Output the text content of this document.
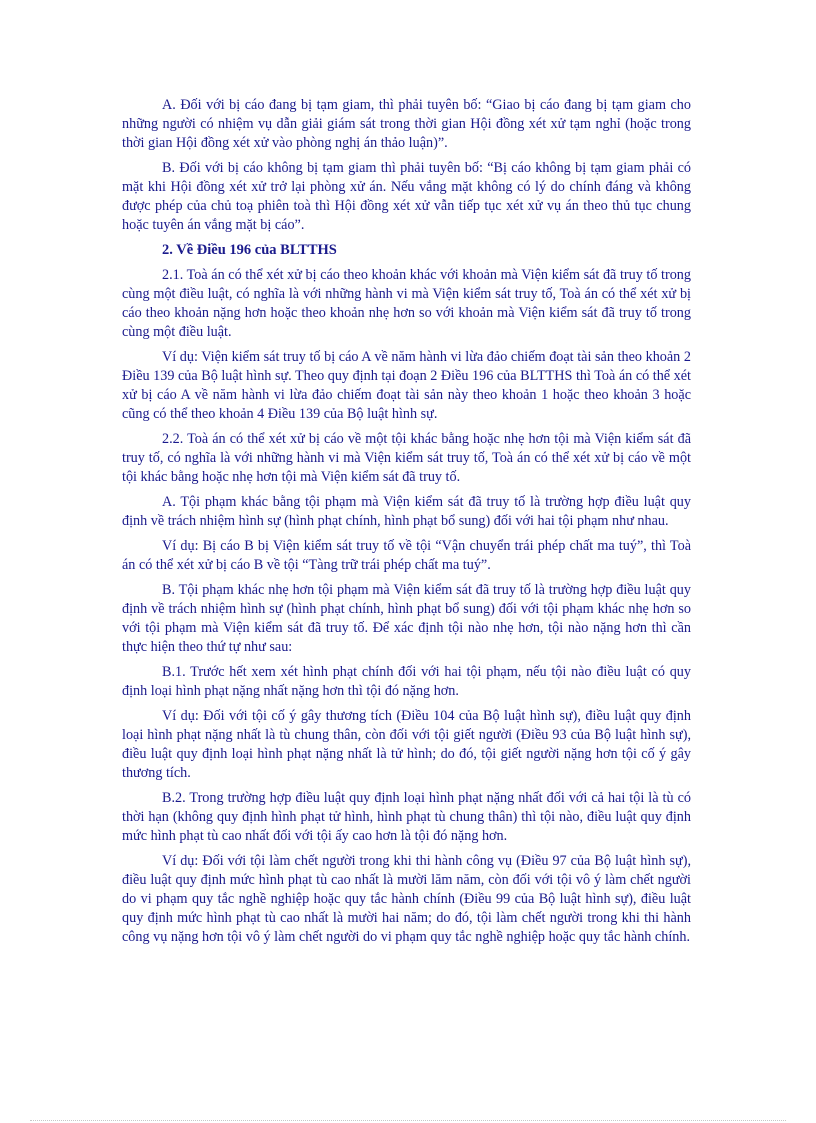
A. Đối với bị cáo đang bị tạm giam, thì phải tuyên bố: “Giao bị cáo đang bị tạm giam cho những người có nhiệm vụ dẫn giải giám sát trong thời gian Hội đồng xét xử tạm nghỉ (hoặc trong thời gian Hội đồng xét xử vào phòng nghị án thảo luận)”.

B. Đối với bị cáo không bị tạm giam thì phải tuyên bố: “Bị cáo không bị tạm giam phải có mặt khi Hội đồng xét xử trở lại phòng xử án. Nếu vắng mặt không có lý do chính đáng và không được phép của chủ toạ phiên toà thì Hội đồng xét xử vẫn tiếp tục xét xử vụ án theo thủ tục chung hoặc tuyên án vắng mặt bị cáo”.

2. Về Điều 196 của BLTTHS

2.1. Toà án có thể xét xử bị cáo theo khoản khác với khoản mà Viện kiểm sát đã truy tố trong cùng một điều luật, có nghĩa là với những hành vi mà Viện kiểm sát truy tố, Toà án có thể xét xử bị cáo theo khoản nặng hơn hoặc theo khoản nhẹ hơn so với khoản mà Viện kiểm sát đã truy tố trong cùng một điều luật.

Ví dụ: Viện kiểm sát truy tố bị cáo A về năm hành vi lừa đảo chiếm đoạt tài sản theo khoản 2 Điều 139 của Bộ luật hình sự. Theo quy định tại đoạn 2 Điều 196 của BLTTHS thì Toà án có thể xét xử bị cáo A về năm hành vi lừa đảo chiếm đoạt tài sản này theo khoản 1 hoặc theo khoản 3 hoặc cũng có thể theo khoản 4 Điều 139 của Bộ luật hình sự.

2.2. Toà án có thể xét xử bị cáo về một tội khác bằng hoặc nhẹ hơn tội mà Viện kiểm sát đã truy tố, có nghĩa là với những hành vi mà Viện kiểm sát truy tố, Toà án có thể xét xử bị cáo về một tội khác bằng hoặc nhẹ hơn tội mà Viện kiểm sát đã truy tố.

A. Tội phạm khác bằng tội phạm mà Viện kiểm sát đã truy tố là trường hợp điều luật quy định về trách nhiệm hình sự (hình phạt chính, hình phạt bổ sung) đối với hai tội phạm như nhau.

Ví dụ: Bị cáo B bị Viện kiểm sát truy tố về tội “Vận chuyển trái phép chất ma tuý”, thì Toà án có thể xét xử bị cáo B về tội “Tàng trữ trái phép chất ma tuý”.

B. Tội phạm khác nhẹ hơn tội phạm mà Viện kiểm sát đã truy tố là trường hợp điều luật quy định về trách nhiệm hình sự (hình phạt chính, hình phạt bổ sung) đối với tội phạm khác nhẹ hơn so với tội phạm mà Viện kiểm sát đã truy tố. Để xác định tội nào nhẹ hơn, tội nào nặng hơn thì cần thực hiện theo thứ tự như sau:

B.1. Trước hết xem xét hình phạt chính đối với hai tội phạm, nếu tội nào điều luật có quy định loại hình phạt nặng nhất nặng hơn thì tội đó nặng hơn.

Ví dụ: Đối với tội cố ý gây thương tích (Điều 104 của Bộ luật hình sự), điều luật quy định loại hình phạt nặng nhất là tù chung thân, còn đối với tội giết người (Điều 93 của Bộ luật hình sự), điều luật quy định loại hình phạt nặng nhất là tử hình; do đó, tội giết người nặng hơn tội cố ý gây thương tích.

B.2. Trong trường hợp điều luật quy định loại hình phạt nặng nhất đối với cả hai tội là tù có thời hạn (không quy định hình phạt tử hình, hình phạt tù chung thân) thì tội nào, điều luật quy định mức hình phạt tù cao nhất đối với tội ấy cao hơn là tội đó nặng hơn.

Ví dụ: Đối với tội làm chết người trong khi thi hành công vụ (Điều 97 của Bộ luật hình sự), điều luật quy định mức hình phạt tù cao nhất là mười lăm năm, còn đối với tội vô ý làm chết người do vi phạm quy tắc nghề nghiệp hoặc quy tắc hành chính (Điều 99 của Bộ luật hình sự), điều luật quy định mức hình phạt tù cao nhất là mười hai năm; do đó, tội làm chết người trong khi thi hành công vụ nặng hơn tội vô ý làm chết người do vi phạm quy tắc nghề nghiệp hoặc quy tắc hành chính.
